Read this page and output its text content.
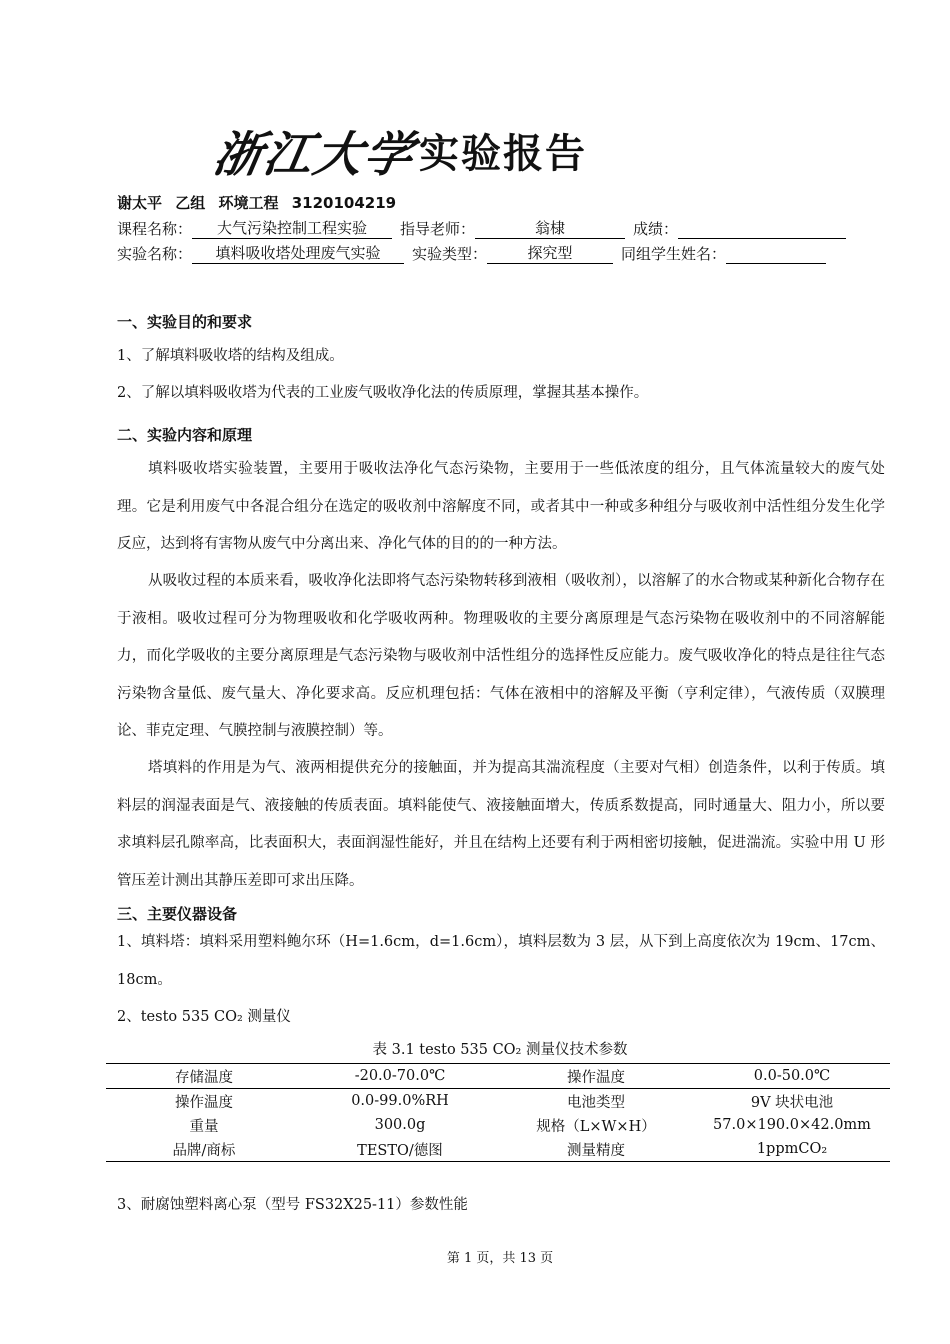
浙江大学 实验报告
谢太平 乙组 环境工程 3120104219
课程名称：	大气污染控制工程实验	指导老师：	翁棣	成绩：
实验名称：	填料吸收塔处理废气实验	实验类型：	探究型	同组学生姓名：
一、实验目的和要求
1、了解填料吸收塔的结构及组成。
2、了解以填料吸收塔为代表的工业废气吸收净化法的传质原理，掌握其基本操作。
二、实验内容和原理
填料吸收塔实验装置，主要用于吸收法净化气态污染物，主要用于一些低浓度的组分，且气体流量较大的废气处理。它是利用废气中各混合组分在选定的吸收剂中溶解度不同，或者其中一种或多种组分与吸收剂中活性组分发生化学反应，达到将有害物从废气中分离出来、净化气体的目的的一种方法。
从吸收过程的本质来看，吸收净化法即将气态污染物转移到液相（吸收剂），以溶解了的水合物或某种新化合物存在于液相。吸收过程可分为物理吸收和化学吸收两种。物理吸收的主要分离原理是气态污染物在吸收剂中的不同溶解能力，而化学吸收的主要分离原理是气态污染物与吸收剂中活性组分的选择性反应能力。废气吸收净化的特点是往往气态污染物含量低、废气量大、净化要求高。反应机理包括：气体在液相中的溶解及平衡（亨利定律），气液传质（双膜理论、菲克定理、气膜控制与液膜控制）等。
塔填料的作用是为气、液两相提供充分的接触面，并为提高其湍流程度（主要对气相）创造条件，以利于传质。填料层的润湿表面是气、液接触的传质表面。填料能使气、液接触面增大，传质系数提高，同时通量大、阻力小，所以要求填料层孔隙率高，比表面积大，表面润湿性能好，并且在结构上还要有利于两相密切接触，促进湍流。实验中用 U 形管压差计测出其静压差即可求出压降。
三、主要仪器设备
1、填料塔：填料采用塑料鲍尔环（H=1.6cm，d=1.6cm），填料层数为 3 层，从下到上高度依次为 19cm、17cm、18cm。
2、testo 535 CO₂ 测量仪
表 3.1 testo 535 CO₂ 测量仪技术参数
存储温度	-20.0-70.0℃	操作温度	0.0-50.0℃
操作温度	0.0-99.0%RH	电池类型	9V 块状电池
重量	300.0g	规格（L×W×H）	57.0×190.0×42.0mm
品牌/商标	TESTO/德图	测量精度	1ppmCO₂
3、耐腐蚀塑料离心泵（型号 FS32X25-11）参数性能
第 1 页，共 13 页
